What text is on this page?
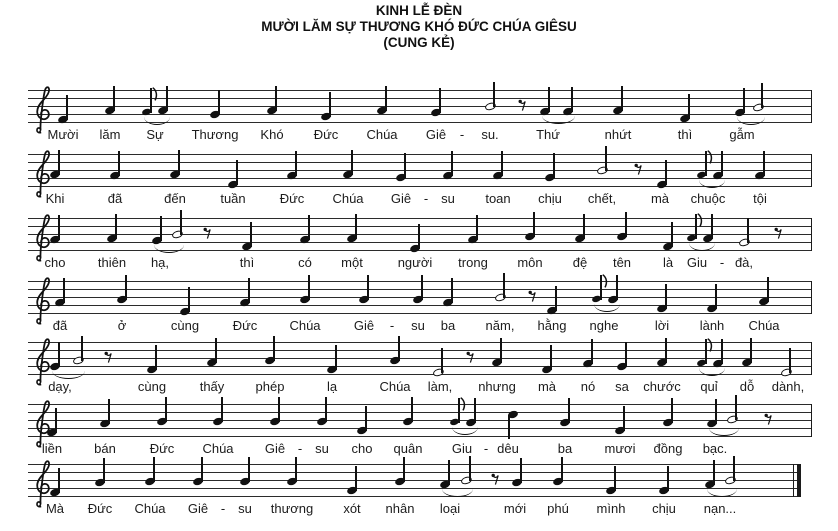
KINH LỄ ĐÈN
MƯỜI LĂM SỰ THƯƠNG KHÓ ĐỨC CHÚA GIÊSU
(CUNG KẺ)
Mười	lăm	Sự	Thương	Khó	Đức	Chúa	Giê	-	su.	Thứ	nhứt	thì	gẫm
Khi	đã	đến	tuần	Đức	Chúa	Giê - su	toan	chịu	chết,	mà	chuộc	tội
cho	thiên	hạ,	thì	có	một	người	trong	môn	đệ	tên	là	Giu - đà,
đã	ở	cùng	Đức	Chúa	Giê	-	su	ba	năm,	hằng	nghe	lời	lành	Chúa
dạy,	cùng	thấy	phép	lạ	Chúa	làm,	nhưng	mà	nó	sa	chước	quỉ	dỗ	dành,
liền	bán	Đức	Chúa	Giê - su	cho	quân	Giu - dêu	ba	mươi	đồng	bạc.
Mà	Đức	Chúa	Giê - su	thương	xót	nhân	loại	mới	phú	mình	chịu	nạn...
